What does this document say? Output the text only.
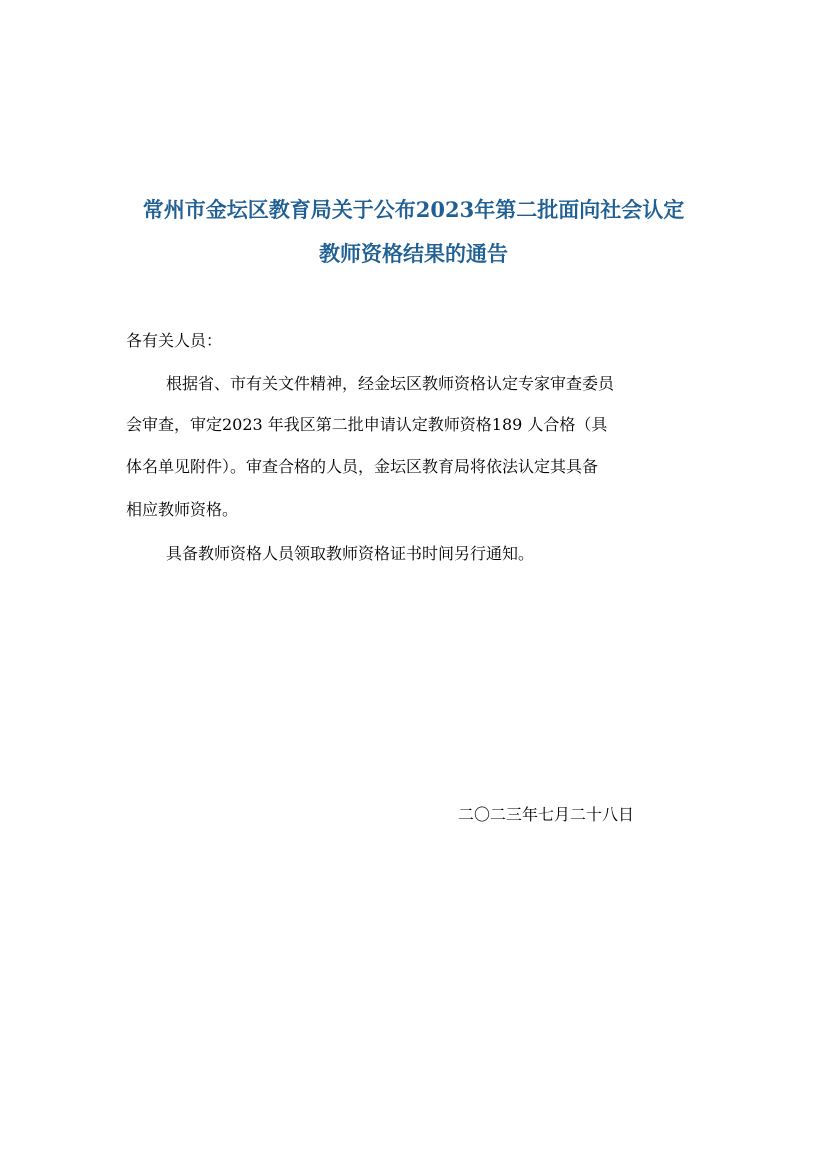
常州市金坛区教育局关于公布2023年第二批面向社会认定
教师资格结果的通告

各有关人员：

根据省、市有关文件精神，经金坛区教师资格认定专家审查委员

会审查，审定2023 年我区第二批申请认定教师资格189 人合格（具

体名单见附件）。审查合格的人员，金坛区教育局将依法认定其具备

相应教师资格。

具备教师资格人员领取教师资格证书时间另行通知。

二〇二三年七月二十八日
